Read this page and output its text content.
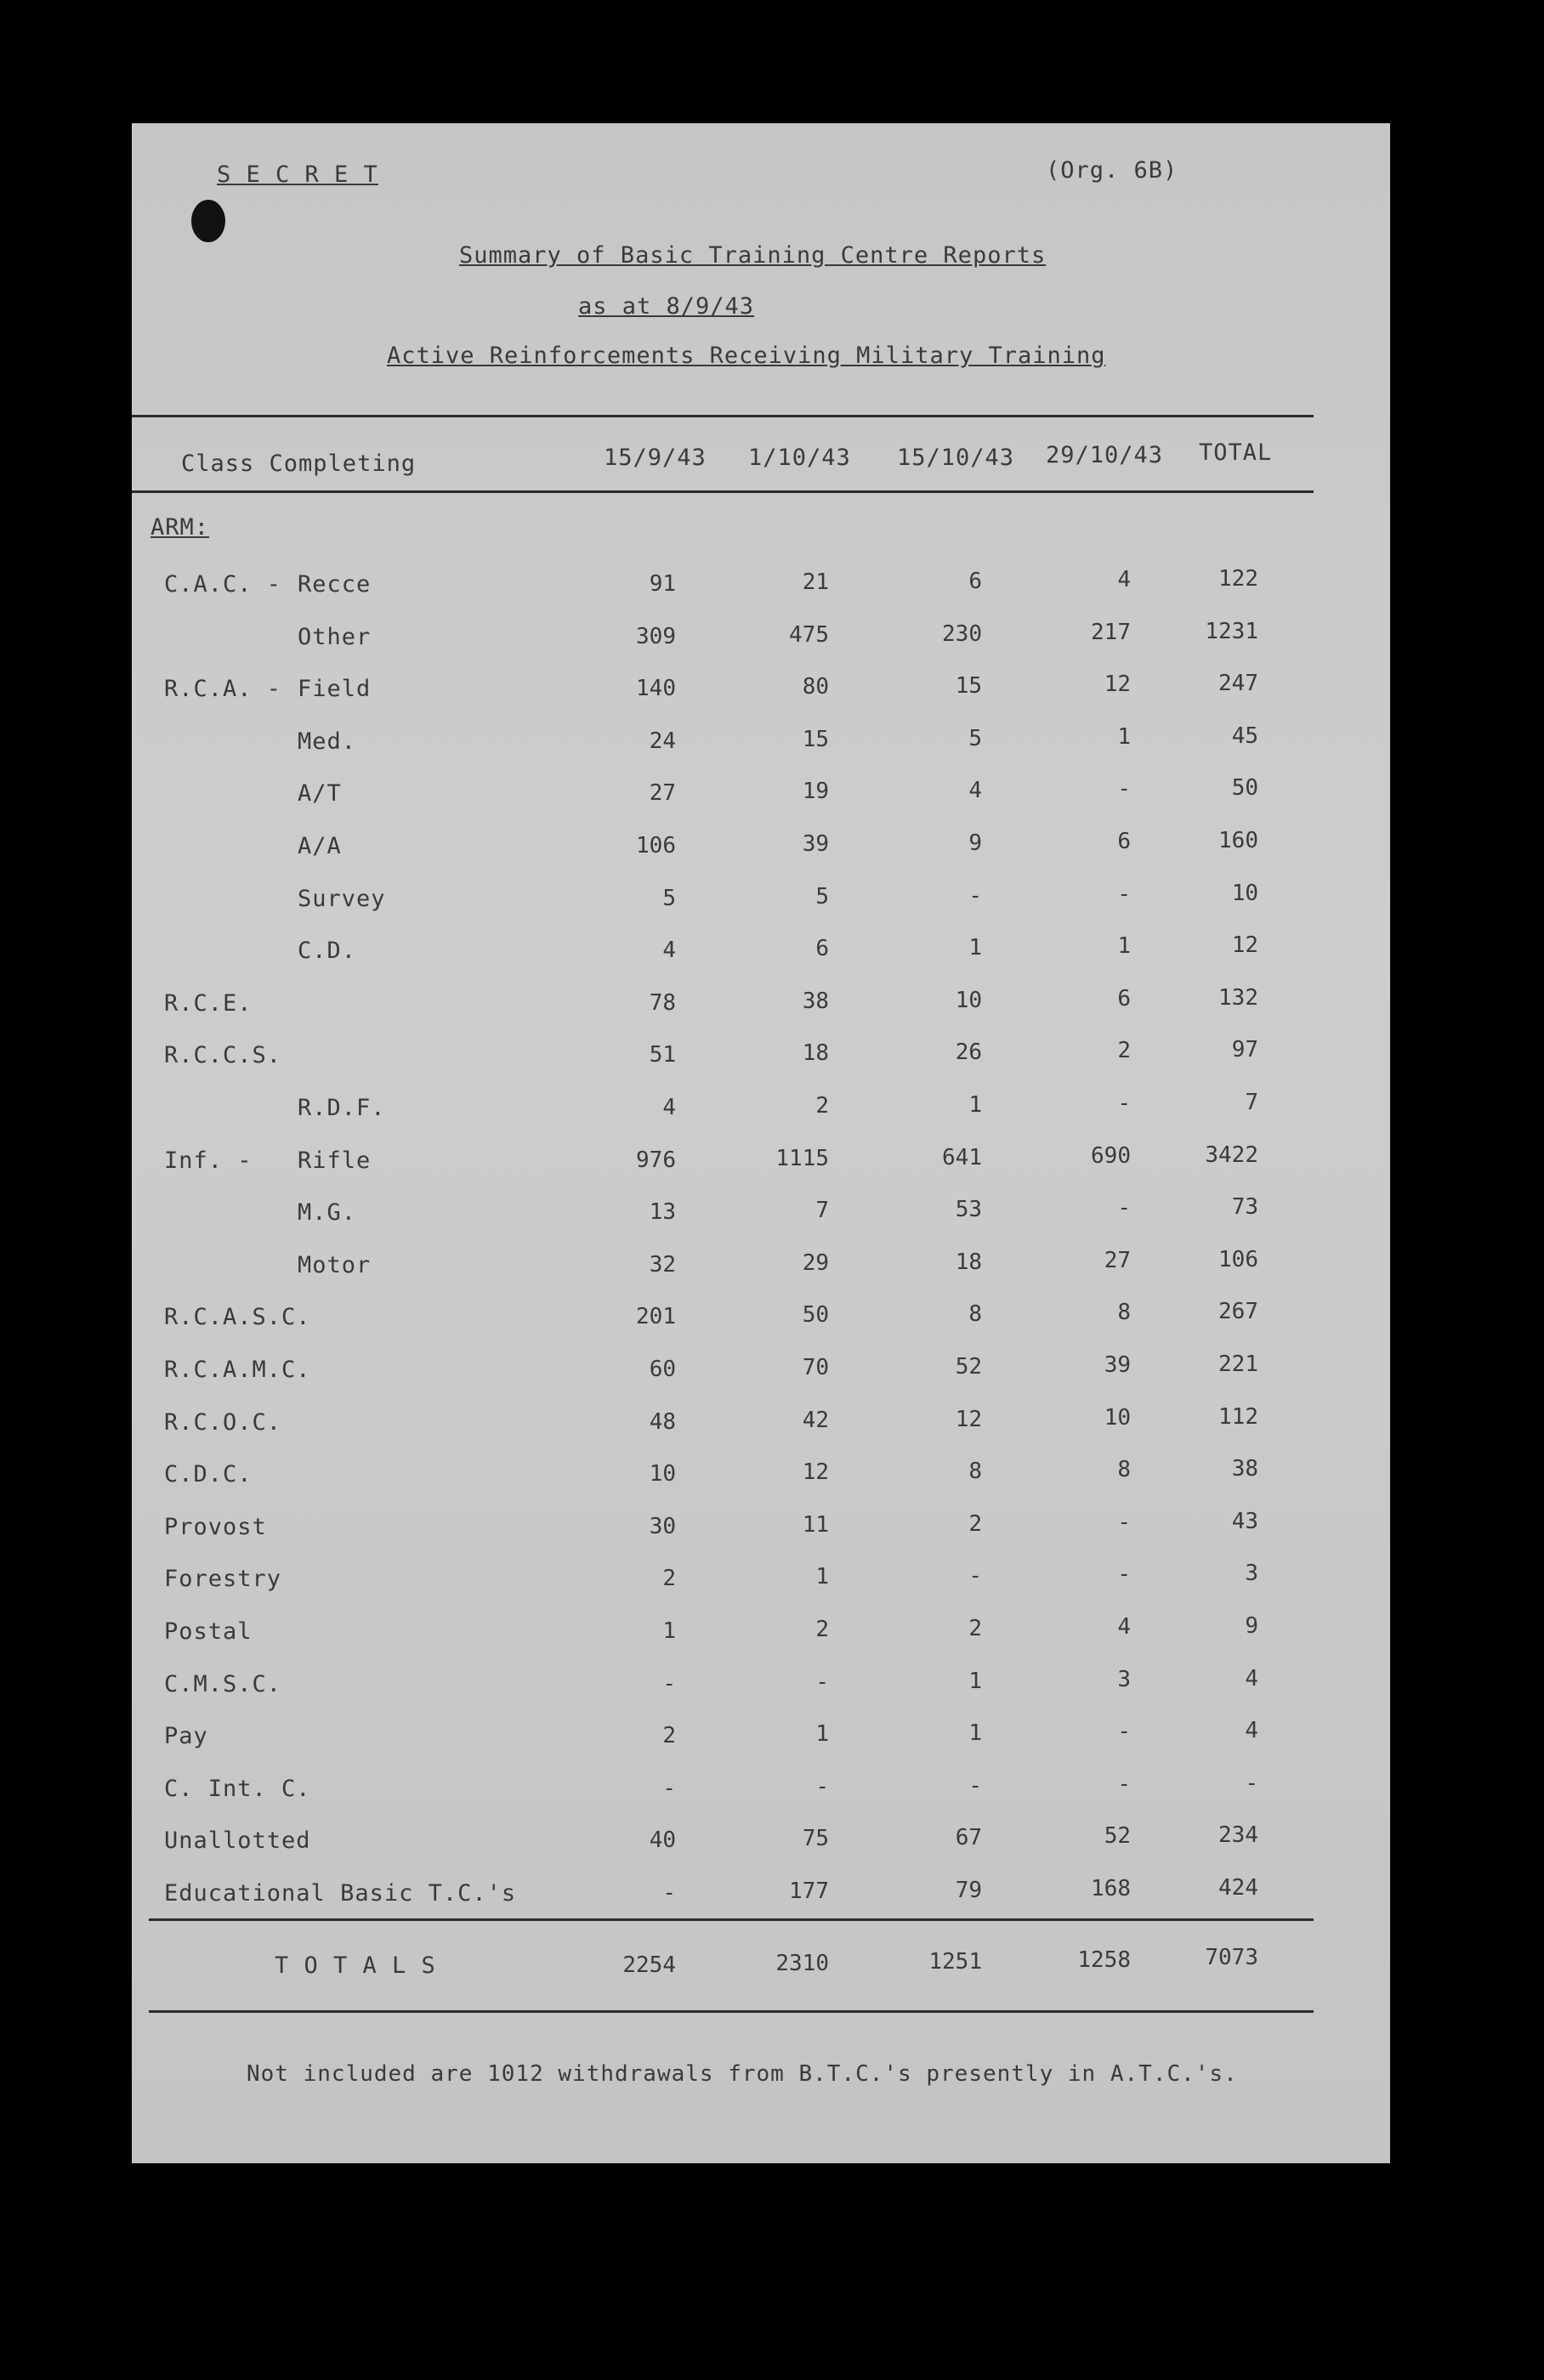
S E C R E T	(Org. 6B)
Summary of Basic Training Centre Reports
as at 8/9/43
Active Reinforcements Receiving Military Training
Class Completing	15/9/43 1/10/43 15/10/43 29/10/43 TOTAL
ARM:
C.A.C. - Recce	91	21	6	4	122
Other	309	475	230	217	1231
R.C.A. - Field	140	80	15	12	247
Med.	24	15	5	1	45
A/T	27	19	4	-	50
A/A	106	39	9	6	160
Survey	5	5	-	-	10
C.D.	4	6	1	1	12
R.C.E.	78	38	10	6	132
R.C.C.S.	51	18	26	2	97
R.D.F.	4	2	1	-	7
Inf. - Rifle	976	1115	641	690	3422
M.G.	13	7	53	-	73
Motor	32	29	18	27	106
R.C.A.S.C.	201	50	8	8	267
R.C.A.M.C.	60	70	52	39	221
R.C.O.C.	48	42	12	10	112
C.D.C.	10	12	8	8	38
Provost	30	11	2	-	43
Forestry	2	1	-	-	3
Postal	1	2	2	4	9
C.M.S.C.	-	-	1	3	4
Pay	2	1	1	-	4
C. Int. C.	-	-	-	-	-
Unallotted	40	75	67	52	234
Educational Basic T.C.'s	-	177	79	168	424
T O T A L S	2254	2310	1251	1258	7073
Not included are 1012 withdrawals from B.T.C.'s presently in A.T.C.'s.
